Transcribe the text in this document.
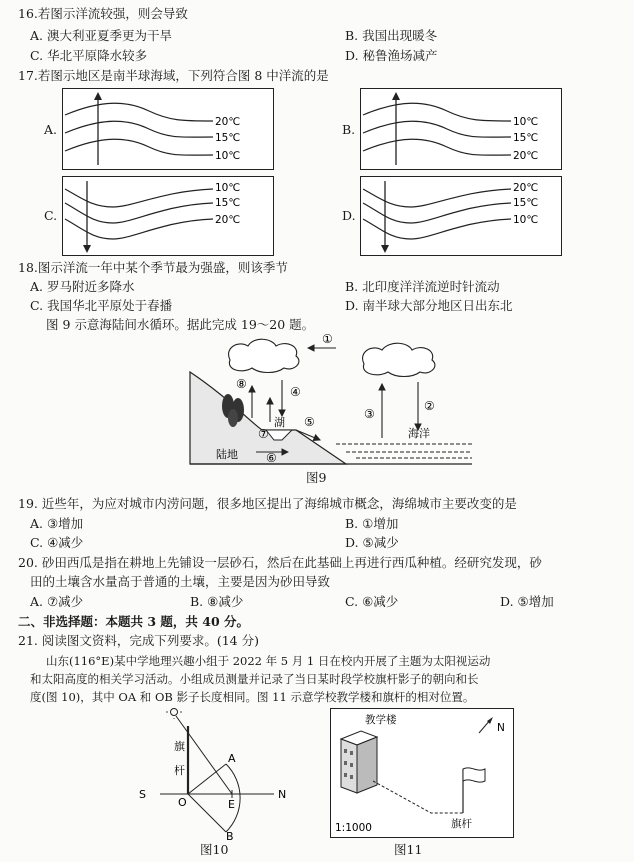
16.若图示洋流较强，则会导致
A. 澳大利亚夏季更为干旱	B. 我国出现暖冬
C. 华北平原降水较多	D. 秘鲁渔场减产
17.若图示地区是南半球海域，下列符合图 8 中洋流的是
A.	20℃
15℃
10℃
B.	10℃
15℃
20℃
C.
10℃
15℃
20℃	D.
20℃
15℃
10℃
18.图示洋流一年中某个季节最为强盛，则该季节
A. 罗马附近多降水	B. 北印度洋洋流逆时针流动
C. 我国华北平原处于春播	D. 南半球大部分地区日出东北
图 9 示意海陆间水循环。据此完成 19～20 题。
①
湖
海洋
陆地
⑧
④
⑤
⑦
⑥
③
②
图9
19. 近些年，为应对城市内涝问题，很多地区提出了海绵城市概念，海绵城市主要改变的是
A. ③增加	B. ①增加
C. ④减少	D. ⑤减少
20. 砂田西瓜是指在耕地上先铺设一层砂石，然后在此基础上再进行西瓜种植。经研究发现，砂
田的土壤含水量高于普通的土壤，主要是因为砂田导致
A. ⑦减少	B. ⑧减少	C. ⑥减少	D. ⑤增加
二、非选择题：本题共 3 题，共 40 分。
21. 阅读图文资料，完成下列要求。(14 分)
山东(116°E)某中学地理兴趣小组于 2022 年 5 月 1 日在校内开展了主题为太阳视运动
和太阳高度的相关学习活动。小组成员测量并记录了当日某时段学校旗杆影子的朝向和长
度(图 10)，其中 OA 和 OB 影子长度相同。图 11 示意学校教学楼和旗杆的相对位置。
S	N
O	E
A
B
旗
杆
图10
教学楼
旗杆
N
1:1000
图11
